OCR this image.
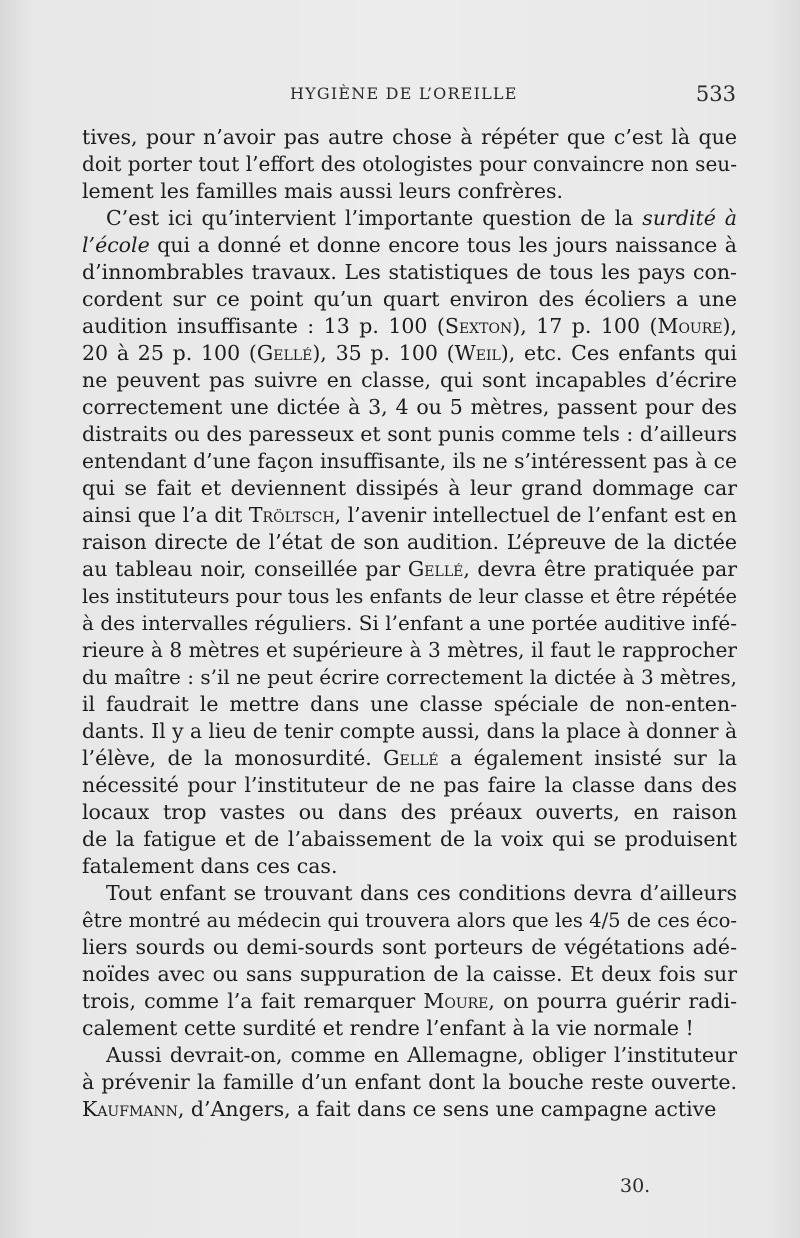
HYGIÈNE DE L’OREILLE	533
tives, pour n’avoir pas autre chose à répéter que c’est là que
doit porter tout l’effort des otologistes pour convaincre non seu-
lement les familles mais aussi leurs confrères.
C’est ici qu’intervient l’importante question de la surdité à
l’école qui a donné et donne encore tous les jours naissance à
d’innombrables travaux. Les statistiques de tous les pays con-
cordent sur ce point qu’un quart environ des écoliers a une
audition insuffisante : 13 p. 100 (Sexton), 17 p. 100 (Moure),
20 à 25 p. 100 (Gellé), 35 p. 100 (Weil), etc. Ces enfants qui
ne peuvent pas suivre en classe, qui sont incapables d’écrire
correctement une dictée à 3, 4 ou 5 mètres, passent pour des
distraits ou des paresseux et sont punis comme tels : d’ailleurs
entendant d’une façon insuffisante, ils ne s’intéressent pas à ce
qui se fait et deviennent dissipés à leur grand dommage car
ainsi que l’a dit Tröltsch, l’avenir intellectuel de l’enfant est en
raison directe de l’état de son audition. L’épreuve de la dictée
au tableau noir, conseillée par Gellé, devra être pratiquée par
les instituteurs pour tous les enfants de leur classe et être répétée
à des intervalles réguliers. Si l’enfant a une portée auditive infé-
rieure à 8 mètres et supérieure à 3 mètres, il faut le rapprocher
du maître : s’il ne peut écrire correctement la dictée à 3 mètres,
il faudrait le mettre dans une classe spéciale de non-enten-
dants. Il y a lieu de tenir compte aussi, dans la place à donner à
l’élève, de la monosurdité. Gellé a également insisté sur la
nécessité pour l’instituteur de ne pas faire la classe dans des
locaux trop vastes ou dans des préaux ouverts, en raison
de la fatigue et de l’abaissement de la voix qui se produisent
fatalement dans ces cas.
Tout enfant se trouvant dans ces conditions devra d’ailleurs
être montré au médecin qui trouvera alors que les 4/5 de ces éco-
liers sourds ou demi-sourds sont porteurs de végétations adé-
noïdes avec ou sans suppuration de la caisse. Et deux fois sur
trois, comme l’a fait remarquer Moure, on pourra guérir radi-
calement cette surdité et rendre l’enfant à la vie normale !
Aussi devrait-on, comme en Allemagne, obliger l’instituteur
à prévenir la famille d’un enfant dont la bouche reste ouverte.
Kaufmann, d’Angers, a fait dans ce sens une campagne active
30.
